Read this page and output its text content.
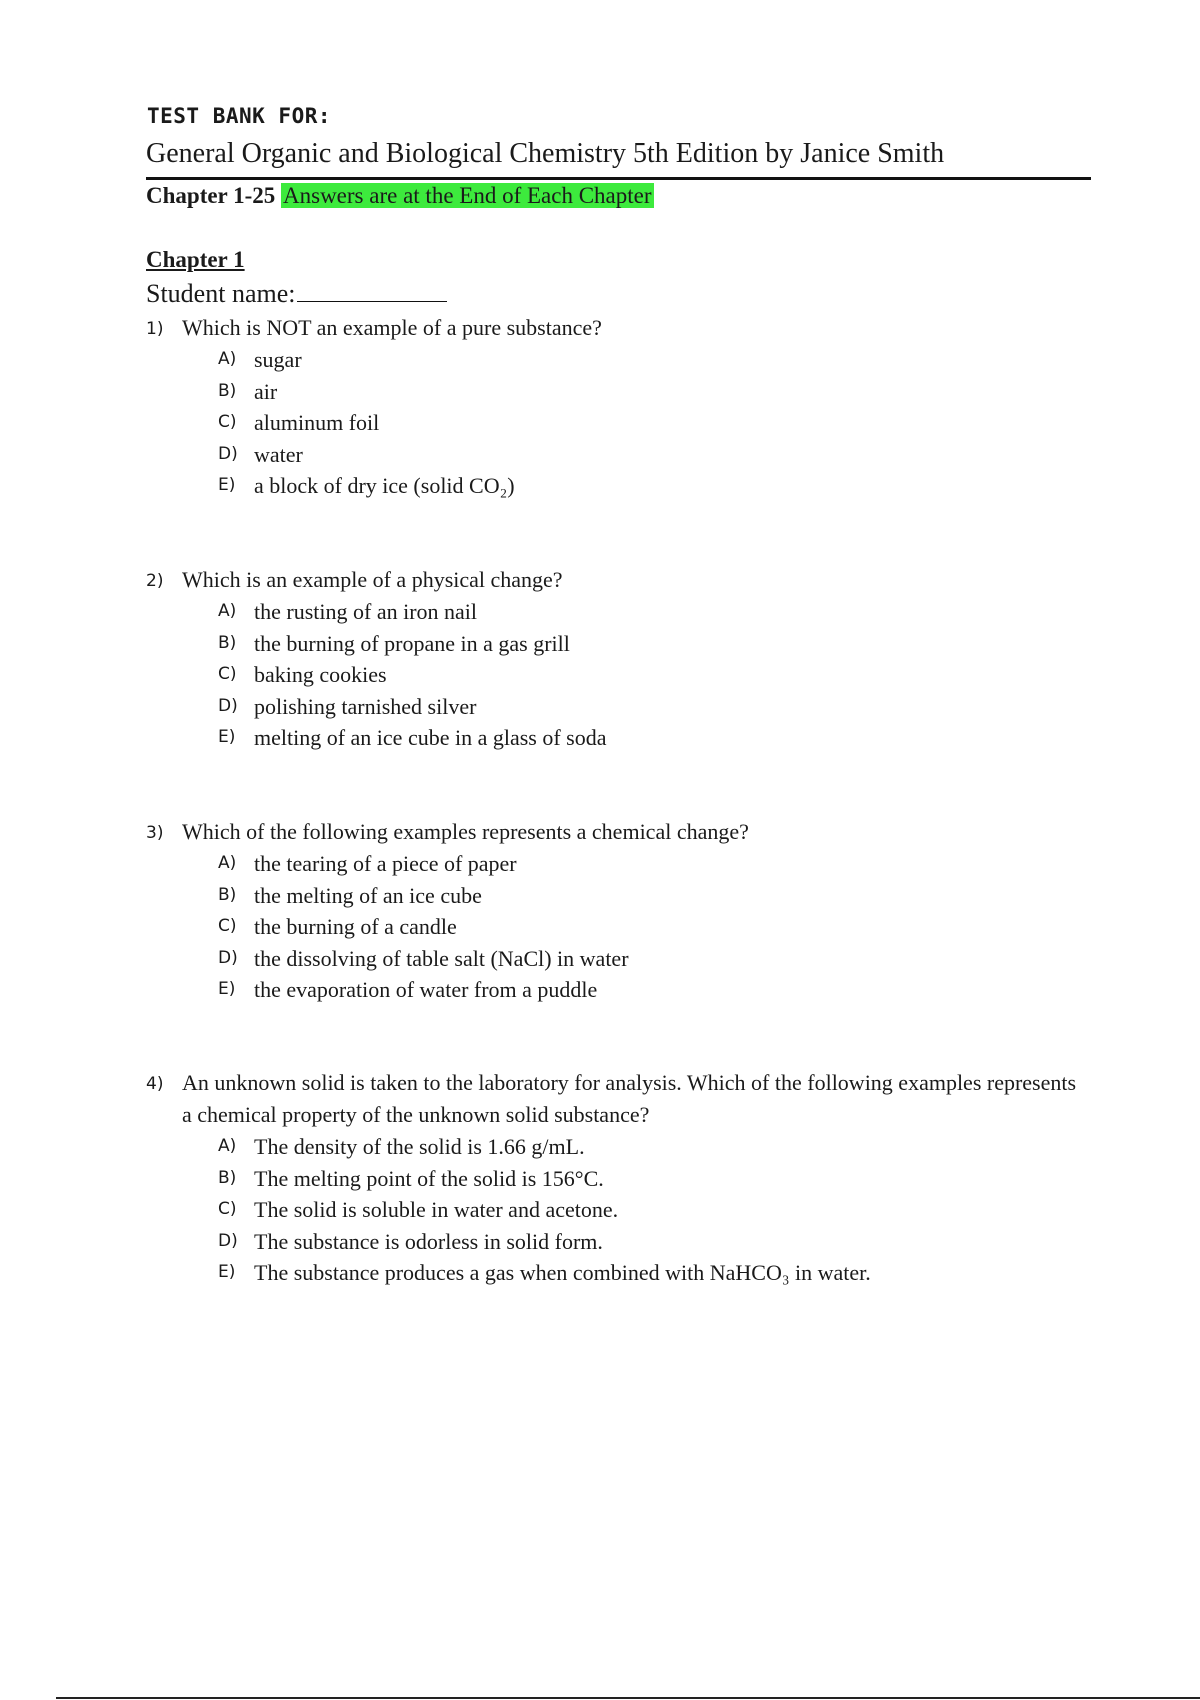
TEST BANK FOR:
General Organic and Biological Chemistry 5th Edition by Janice Smith
Chapter 1-25 Answers are at the End of Each Chapter
Chapter 1
Student name:
1) Which is NOT an example of a pure substance?
A) sugar
B) air
C) aluminum foil
D) water
E) a block of dry ice (solid CO₂)
2) Which is an example of a physical change?
A) the rusting of an iron nail
B) the burning of propane in a gas grill
C) baking cookies
D) polishing tarnished silver
E) melting of an ice cube in a glass of soda
3) Which of the following examples represents a chemical change?
A) the tearing of a piece of paper
B) the melting of an ice cube
C) the burning of a candle
D) the dissolving of table salt (NaCl) in water
E) the evaporation of water from a puddle
4) An unknown solid is taken to the laboratory for analysis. Which of the following examples represents a chemical property of the unknown solid substance?
A) The density of the solid is 1.66 g/mL.
B) The melting point of the solid is 156°C.
C) The solid is soluble in water and acetone.
D) The substance is odorless in solid form.
E) The substance produces a gas when combined with NaHCO₃ in water.
